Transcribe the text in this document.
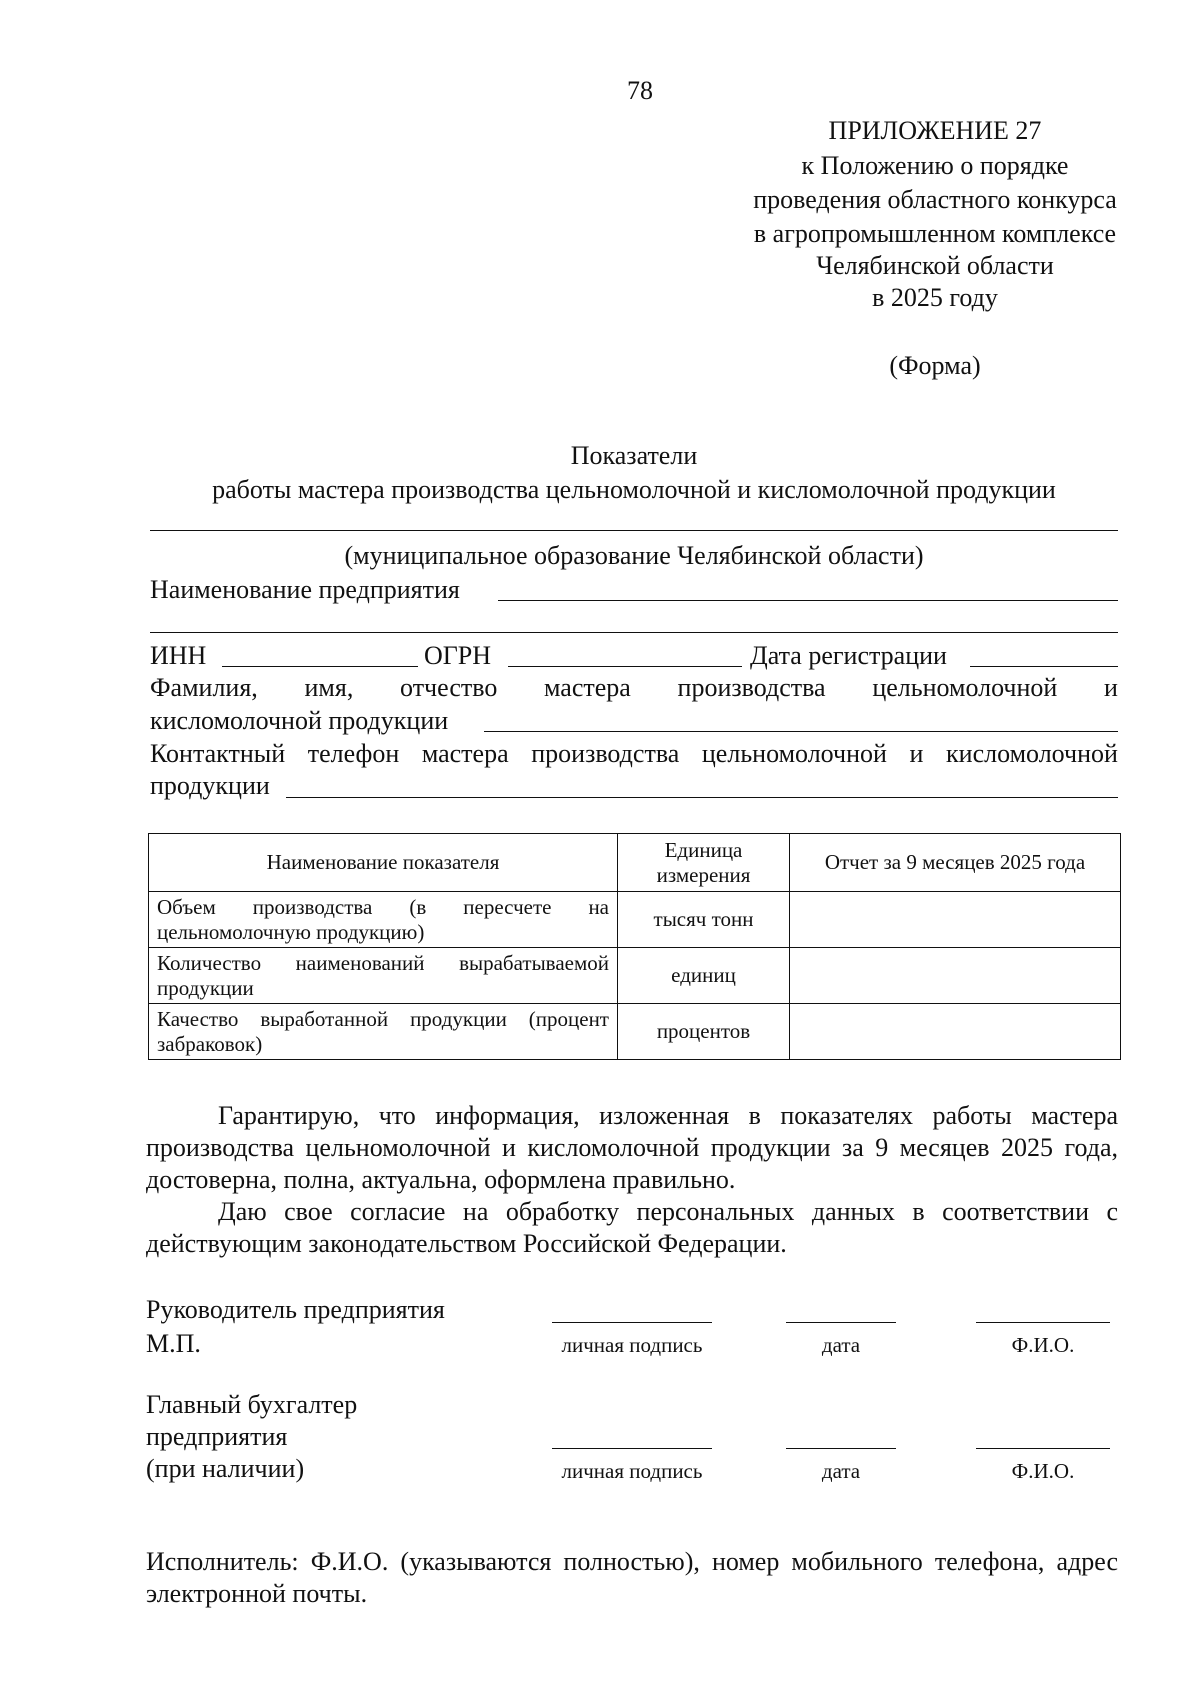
78
ПРИЛОЖЕНИЕ 27
к Положению о порядке
проведения областного конкурса
в агропромышленном комплексе
Челябинской области
в 2025 году
(Форма)
Показатели
работы мастера производства цельномолочной и кисломолочной продукции
(муниципальное образование Челябинской области)
Наименование предприятия
ИНН	ОГРН	Дата регистрации
Фамилия, имя, отчество мастера производства цельномолочной и
кисломолочной продукции
Контактный телефон мастера производства цельномолочной и кисломолочной
продукции
Наименование показателя	Единица измерения	Отчет за 9 месяцев 2025 года
Объем производства (в пересчете на цельномолочную продукцию)	тысяч тонн	
Количество наименований вырабатываемой продукции	единиц	
Качество выработанной продукции (процент забраковок)	процентов	
Гарантирую, что информация, изложенная в показателях работы мастера производства цельномолочной и кисломолочной продукции за 9 месяцев 2025 года, достоверна, полна, актуальна, оформлена правильно.
Даю свое согласие на обработку персональных данных в соответствии с действующим законодательством Российской Федерации.
Руководитель предприятия
М.П.	личная подпись	дата	Ф.И.О.
Главный бухгалтер
предприятия
(при наличии)	личная подпись	дата	Ф.И.О.
Исполнитель: Ф.И.О. (указываются полностью), номер мобильного телефона, адрес электронной почты.
